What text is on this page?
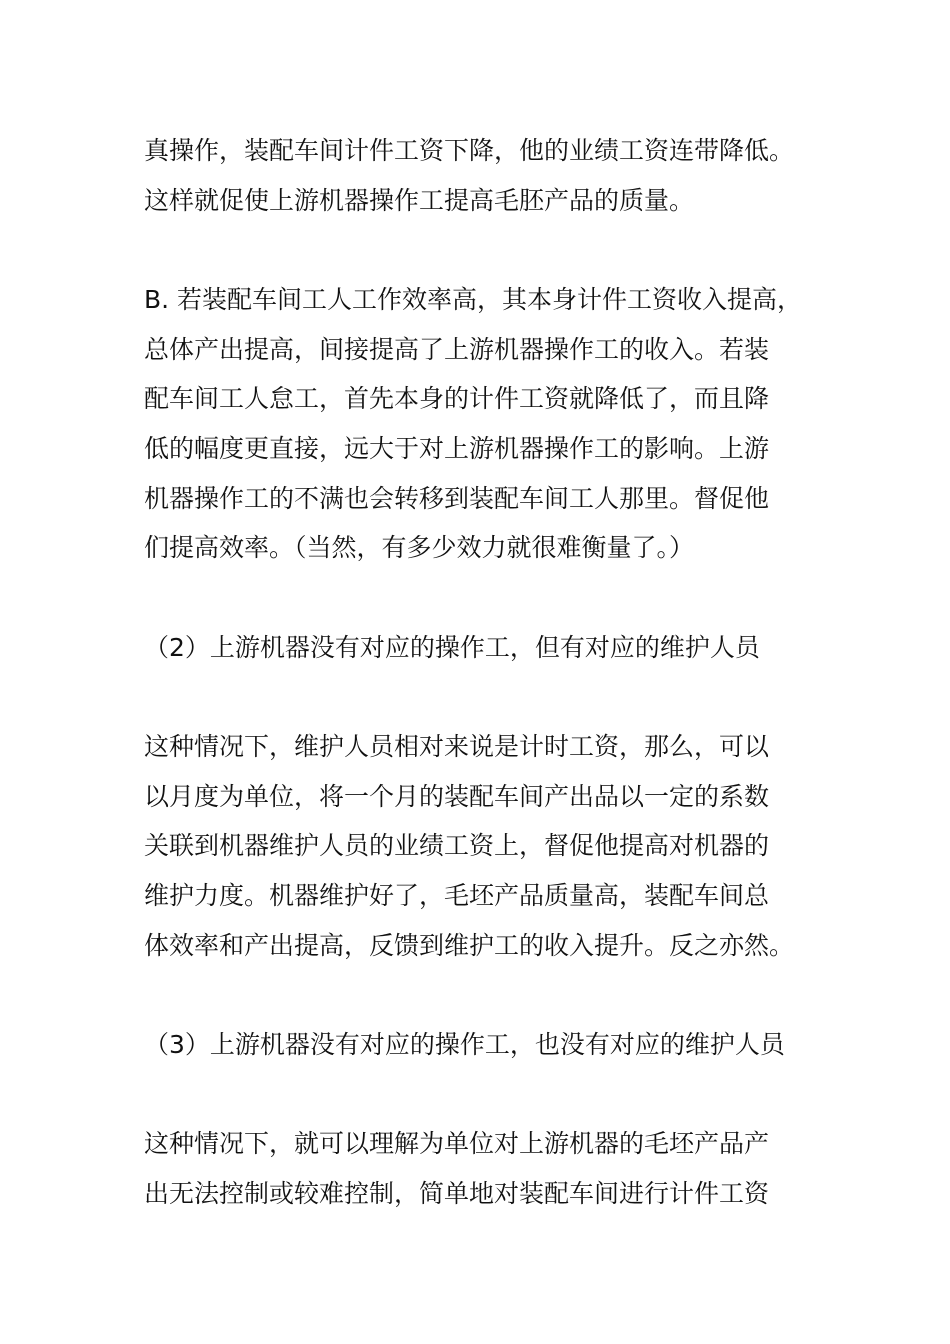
真操作，装配车间计件工资下降，他的业绩工资连带降低。
这样就促使上游机器操作工提高毛胚产品的质量。
B. 若装配车间工人工作效率高，其本身计件工资收入提高，
总体产出提高，间接提高了上游机器操作工的收入。若装
配车间工人怠工，首先本身的计件工资就降低了，而且降
低的幅度更直接，远大于对上游机器操作工的影响。上游
机器操作工的不满也会转移到装配车间工人那里。督促他
们提高效率。（当然，有多少效力就很难衡量了。）
（2）上游机器没有对应的操作工，但有对应的维护人员
这种情况下，维护人员相对来说是计时工资，那么，可以
以月度为单位，将一个月的装配车间产出品以一定的系数
关联到机器维护人员的业绩工资上，督促他提高对机器的
维护力度。机器维护好了，毛坯产品质量高，装配车间总
体效率和产出提高，反馈到维护工的收入提升。反之亦然。
（3）上游机器没有对应的操作工，也没有对应的维护人员
这种情况下，就可以理解为单位对上游机器的毛坯产品产
出无法控制或较难控制，简单地对装配车间进行计件工资
